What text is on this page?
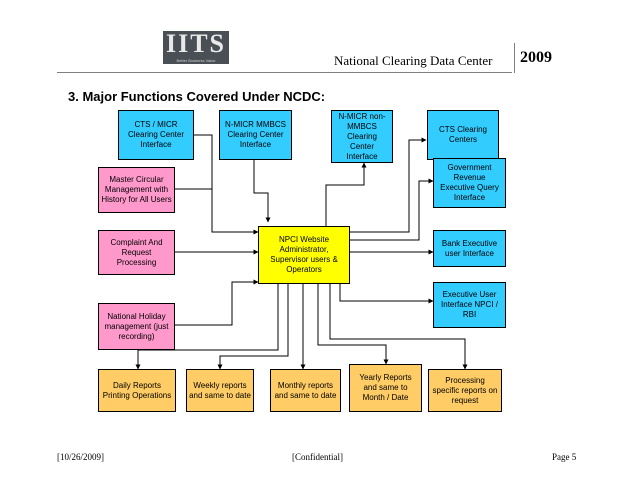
IITS
Better Business Value	National Clearing Data Center 2009
3. Major Functions Covered Under NCDC:
CTS / MICR Clearing Center Interface
N-MICR MMBCS Clearing Center Interface
N-MICR non-MMBCS Clearing Center Interface
CTS Clearing Centers
Master Circular Management with History for All Users
Complaint And Request Processing
National Holiday management (just recording)
NPCI Website Administrator, Supervisor users & Operators
Government Revenue Executive Query Interface
Bank Executive user Interface
Executive User Interface NPCI / RBI
Daily Reports Printing Operations
Weekly reports and same to date
Monthly reports and same to date
Yearly Reports and same to Month / Date
Processing specific reports on request
[10/26/2009]	[Confidential]	Page 5
